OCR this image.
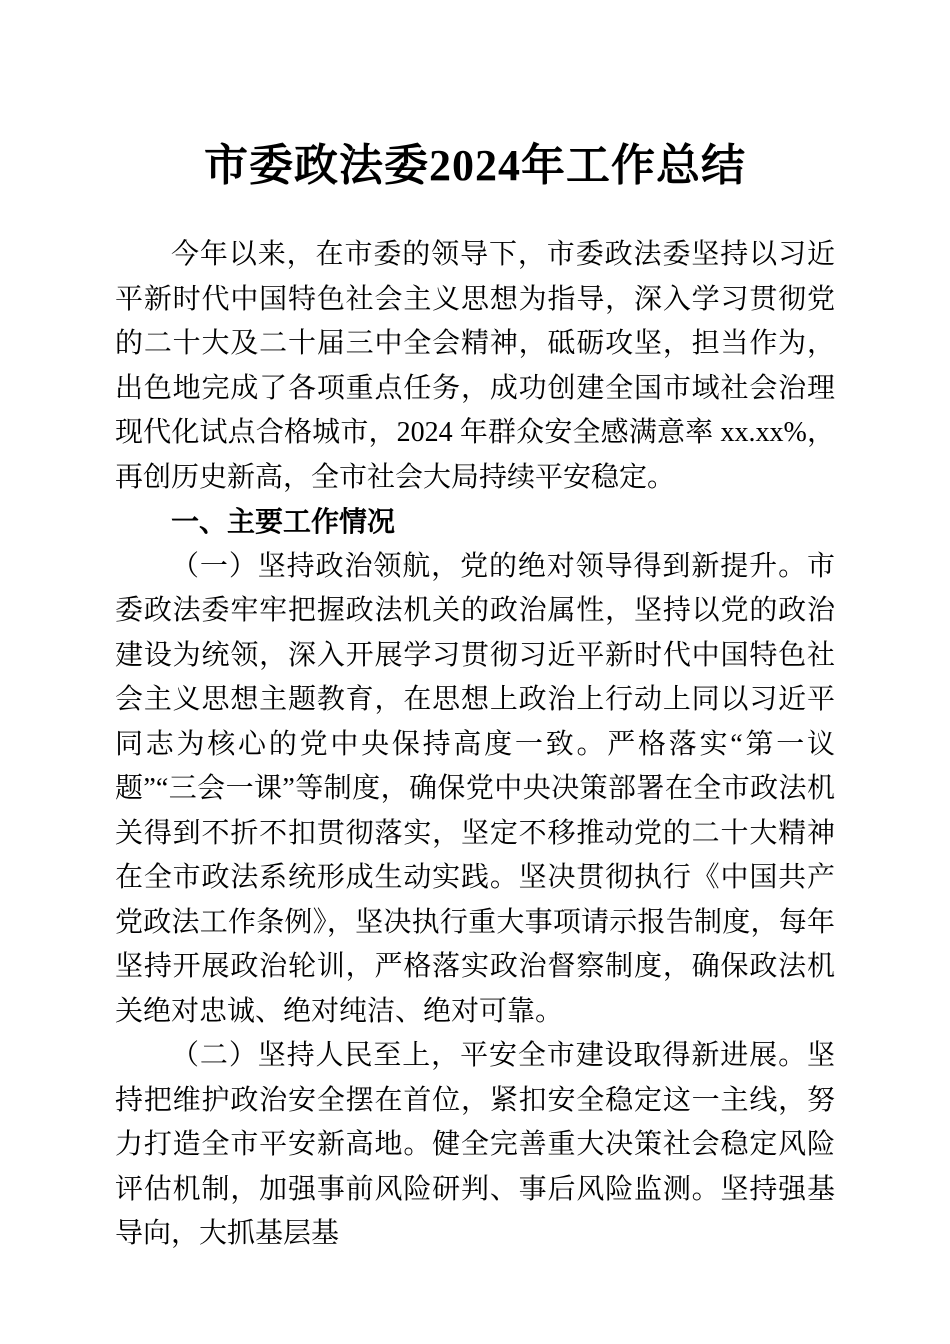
市委政法委2024年工作总结

今年以来，在市委的领导下，市委政法委坚持以习近平新时代中国特色社会主义思想为指导，深入学习贯彻党的二十大及二十届三中全会精神，砥砺攻坚，担当作为，出色地完成了各项重点任务，成功创建全国市域社会治理现代化试点合格城市，2024 年群众安全感满意率 xx.xx%，再创历史新高，全市社会大局持续平安稳定。

一、主要工作情况

（一）坚持政治领航，党的绝对领导得到新提升。市委政法委牢牢把握政法机关的政治属性，坚持以党的政治建设为统领，深入开展学习贯彻习近平新时代中国特色社会主义思想主题教育，在思想上政治上行动上同以习近平同志为核心的党中央保持高度一致。严格落实“第一议题”“三会一课”等制度，确保党中央决策部署在全市政法机关得到不折不扣贯彻落实，坚定不移推动党的二十大精神在全市政法系统形成生动实践。坚决贯彻执行《中国共产党政法工作条例》，坚决执行重大事项请示报告制度，每年坚持开展政治轮训，严格落实政治督察制度，确保政法机关绝对忠诚、绝对纯洁、绝对可靠。

（二）坚持人民至上，平安全市建设取得新进展。坚持把维护政治安全摆在首位，紧扣安全稳定这一主线，努力打造全市平安新高地。健全完善重大决策社会稳定风险评估机制，加强事前风险研判、事后风险监测。坚持强基导向，大抓基层基
